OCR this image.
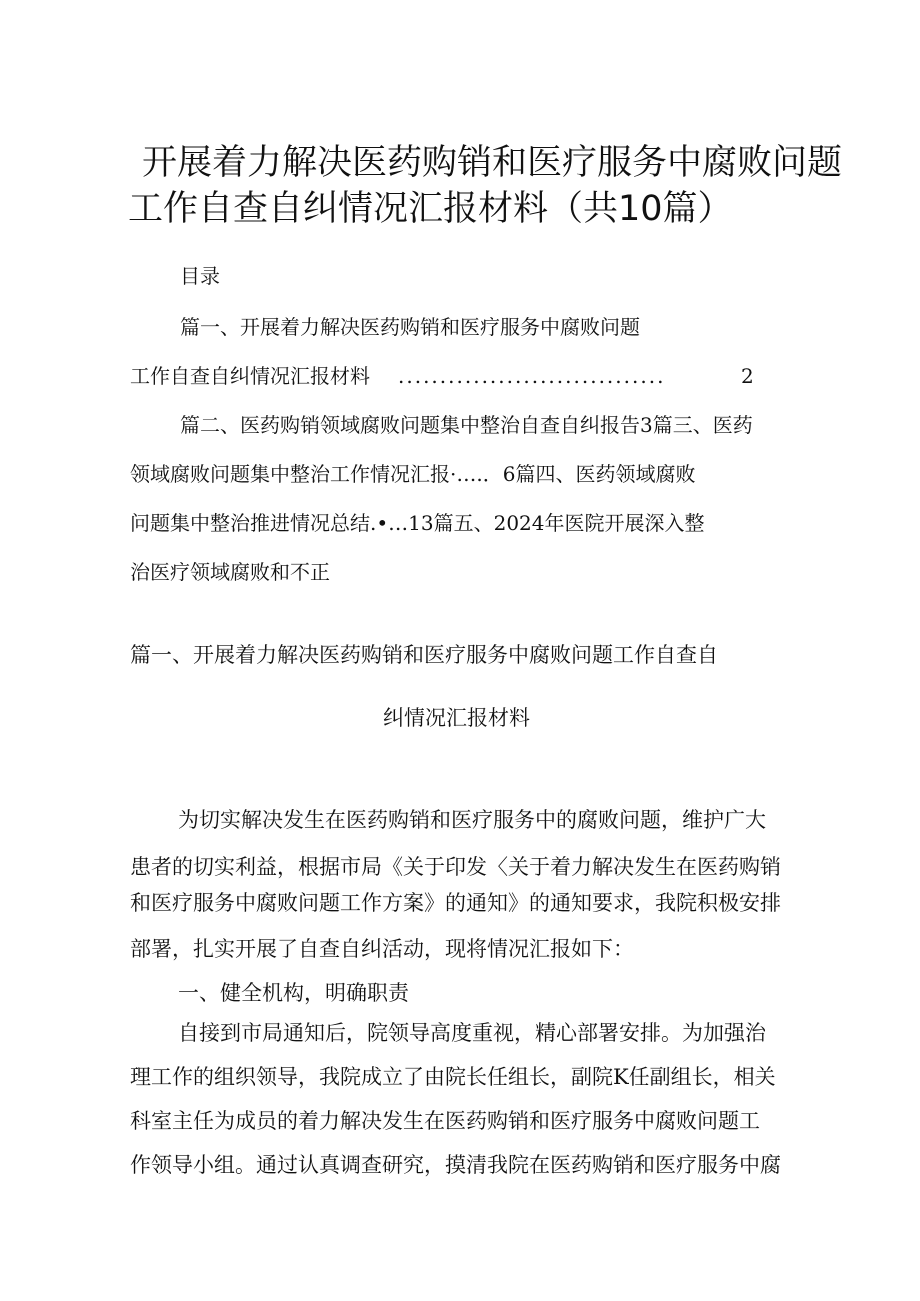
开展着力解决医药购销和医疗服务中腐败问题
工作自查自纠情况汇报材料（共10篇）
目录
篇一、开展着力解决医药购销和医疗服务中腐败问题
工作自查自纠情况汇报材料 ................................	2
篇二、医药购销领域腐败问题集中整治自查自纠报告3篇三、医药
领域腐败问题集中整治工作情况汇报·….．6篇四、医药领域腐败
问题集中整治推进情况总结.•…13篇五、2024年医院开展深入整
治医疗领域腐败和不正
篇一、开展着力解决医药购销和医疗服务中腐败问题工作自查自
纠情况汇报材料
为切实解决发生在医药购销和医疗服务中的腐败问题，维护广大
患者的切实利益，根据市局《关于印发〈关于着力解决发生在医药购销
和医疗服务中腐败问题工作方案》的通知》的通知要求，我院积极安排
部署，扎实开展了自查自纠活动，现将情况汇报如下：
一、健全机构，明确职责
自接到市局通知后，院领导高度重视，精心部署安排。为加强治
理工作的组织领导，我院成立了由院长任组长，副院K任副组长，相关
科室主任为成员的着力解决发生在医药购销和医疗服务中腐败问题工
作领导小组。通过认真调查研究，摸清我院在医药购销和医疗服务中腐
